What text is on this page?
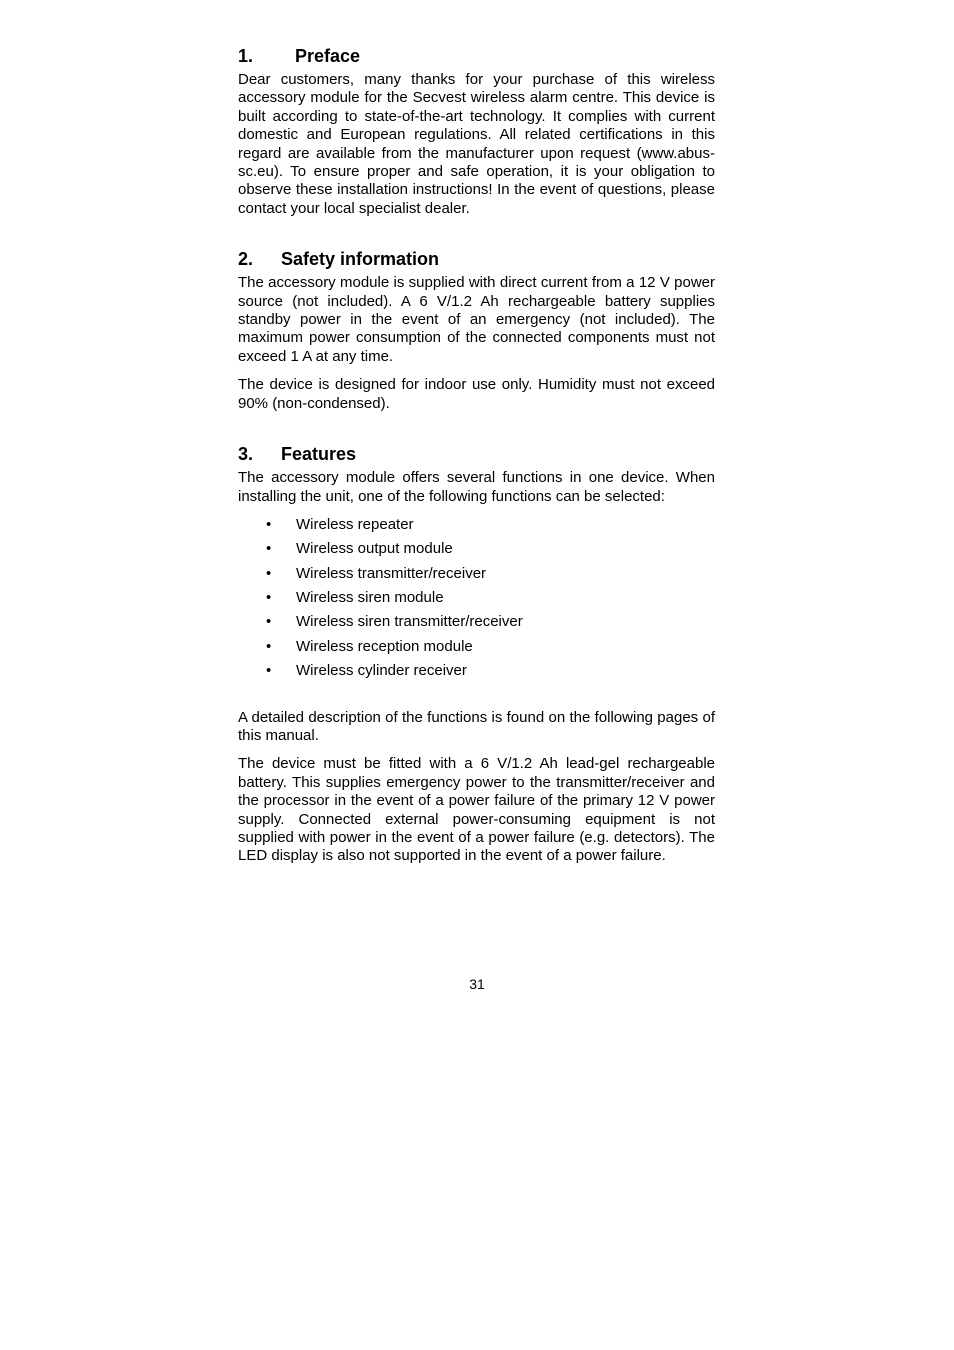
1.	Preface

Dear customers, many thanks for your purchase of this wireless accessory module for the Secvest wireless alarm centre. This device is built according to state-of-the-art technology. It complies with current domestic and European regulations. All related certifications in this regard are available from the manufacturer upon request (www.abus-sc.eu). To ensure proper and safe operation, it is your obligation to observe these installation instructions! In the event of questions, please contact your local specialist dealer.

2.	Safety information

The accessory module is supplied with direct current from a 12 V power source (not included). A 6 V/1.2 Ah rechargeable battery supplies standby power in the event of an emergency (not included). The maximum power consumption of the connected components must not exceed 1 A at any time.

The device is designed for indoor use only. Humidity must not exceed 90% (non-condensed).

3.	Features

The accessory module offers several functions in one device. When installing the unit, one of the following functions can be selected:

•	Wireless repeater
•	Wireless output module
•	Wireless transmitter/receiver
•	Wireless siren module
•	Wireless siren transmitter/receiver
•	Wireless reception module
•	Wireless cylinder receiver

A detailed description of the functions is found on the following pages of this manual.

The device must be fitted with a 6 V/1.2 Ah lead-gel rechargeable battery. This supplies emergency power to the transmitter/receiver and the processor in the event of a power failure of the primary 12 V power supply. Connected external power-consuming equipment is not supplied with power in the event of a power failure (e.g. detectors). The LED display is also not supported in the event of a power failure.

31
